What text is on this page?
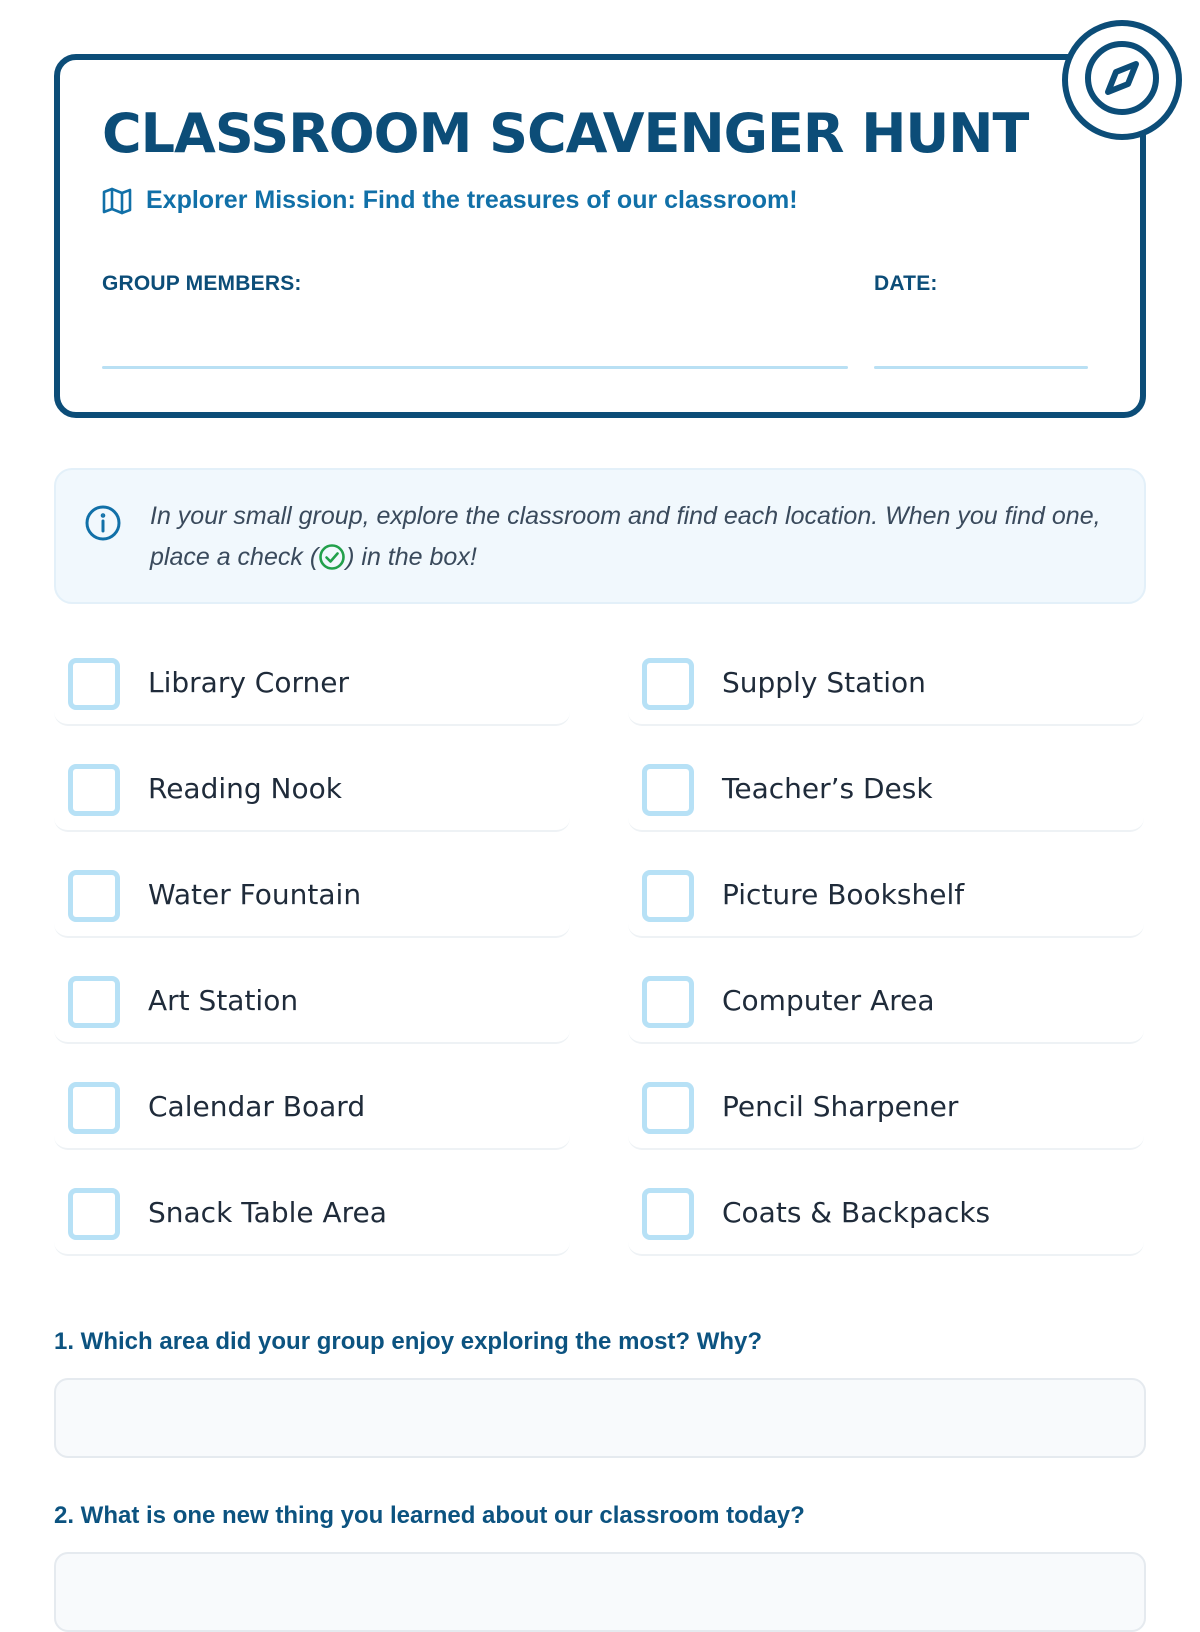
CLASSROOM SCAVENGER HUNT
Explorer Mission: Find the treasures of our classroom!
GROUP MEMBERS:	DATE:

In your small group, explore the classroom and find each location. When you find one, place a check ( ) in the box!

Library Corner
Reading Nook
Water Fountain
Art Station
Calendar Board
Snack Table Area
Supply Station
Teacher’s Desk
Picture Bookshelf
Computer Area
Pencil Sharpener
Coats & Backpacks

1. Which area did your group enjoy exploring the most? Why?

2. What is one new thing you learned about our classroom today?
